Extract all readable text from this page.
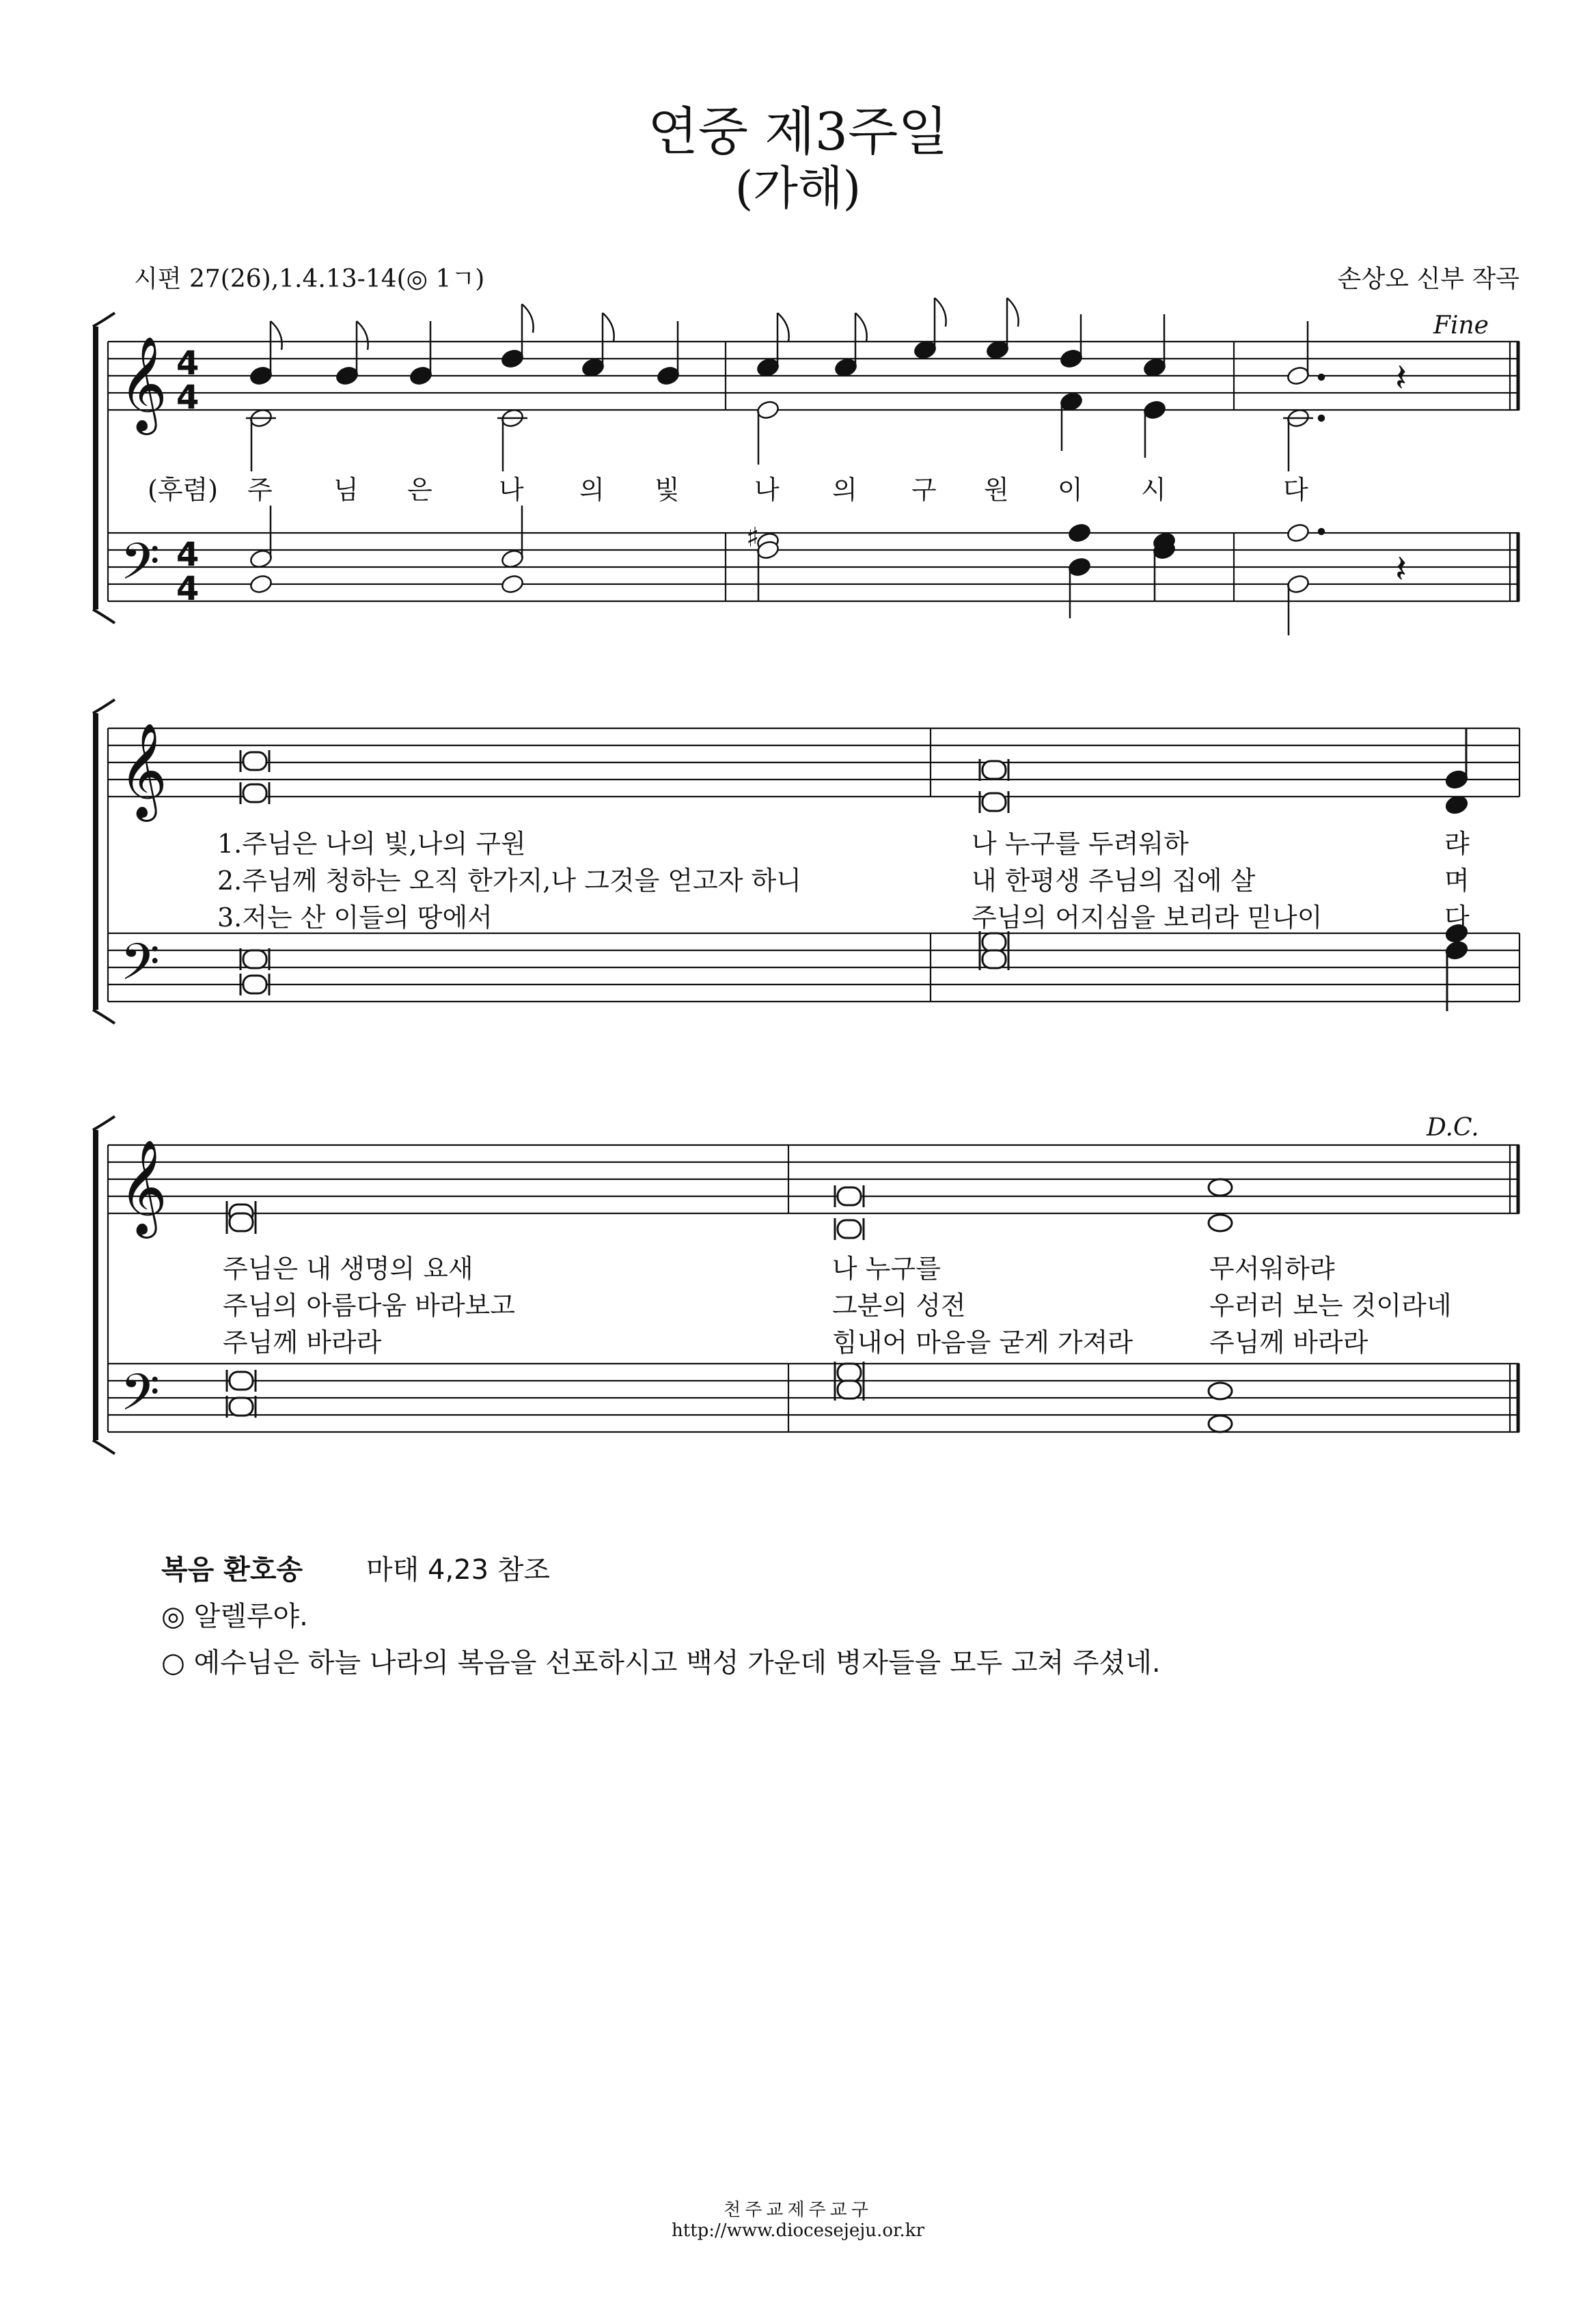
연중 제3주일
(가해)
시편 27(26),1.4.13-14(◎ 1ㄱ)	손상오 신부 작곡
𝄞
𝄢
4
4
4
4
𝄽
𝄽
♯
𝄞
𝄢
𝄞
𝄢
Fine
D.C.
(후렴) 주 님 은	나 의 빛	나 의 구 원 이 시	다
1.주님은 나의 빛,나의 구원
2.주님께 청하는 오직 한가지,나 그것을 얻고자 하니
3.저는 산 이들의 땅에서
나 누구를 두려워하
내 한평생 주님의 집에 살
주님의 어지심을 보리라 믿나이
랴
며
다
주님은 내 생명의 요새
주님의 아름다움 바라보고
주님께 바라라
나 누구를
그분의 성전
힘내어 마음을 굳게 가져라
무서워하랴
우러러 보는 것이라네
주님께 바라라
복음 환호송 마태 4,23 참조
◎ 알렐루야.
○ 예수님은 하늘 나라의 복음을 선포하시고 백성 가운데 병자들을 모두 고쳐 주셨네.
천주교제주교구
http://www.diocesejeju.or.kr
